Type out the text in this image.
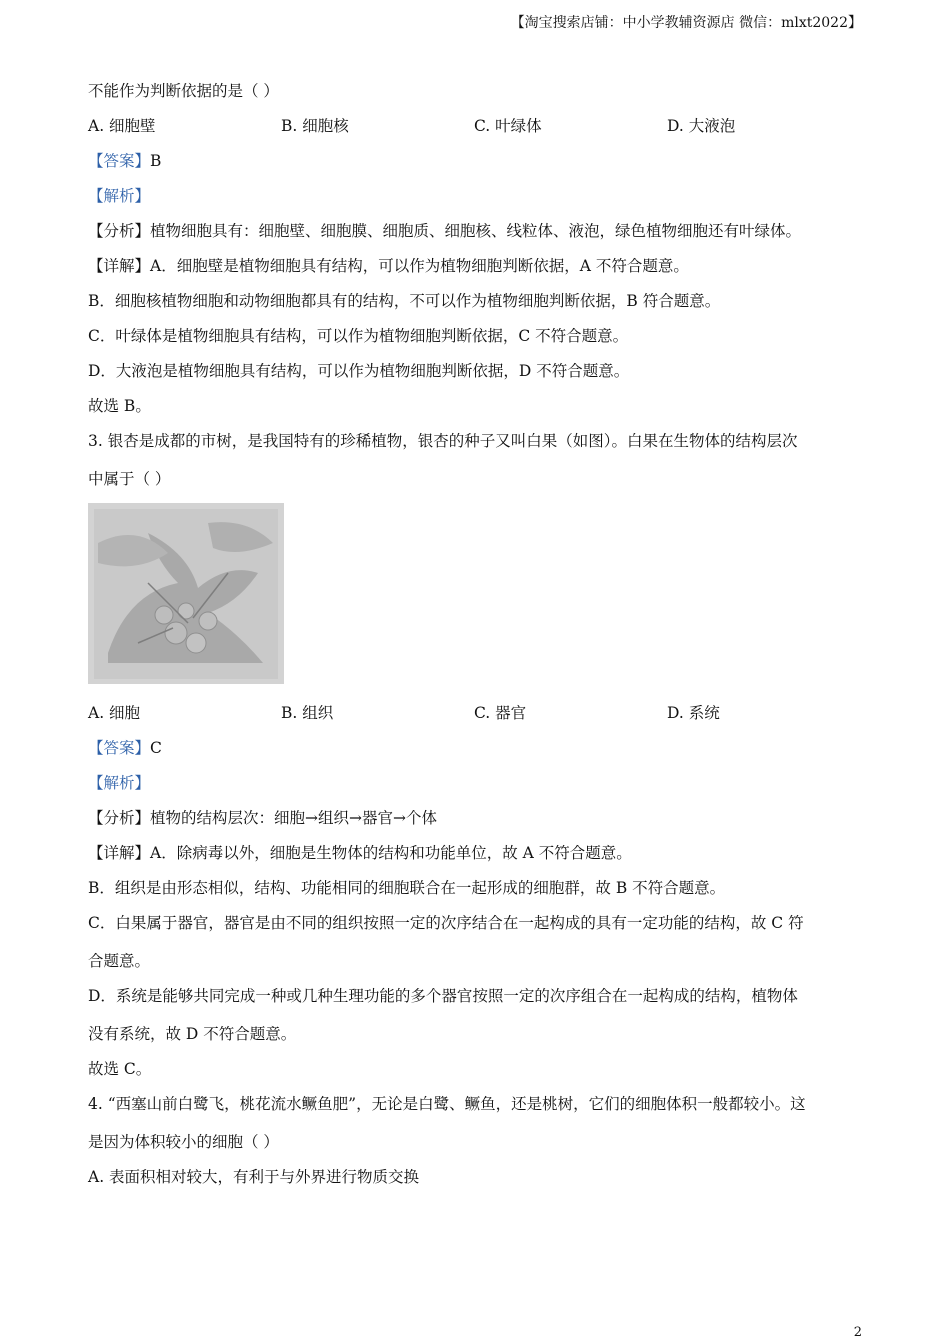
【淘宝搜索店铺：中小学教辅资源店 微信：mlxt2022】
不能作为判断依据的是（ ）
A. 细胞壁	B. 细胞核	C. 叶绿体	D. 大液泡
【答案】B
【解析】
【分析】植物细胞具有：细胞壁、细胞膜、细胞质、细胞核、线粒体、液泡，绿色植物细胞还有叶绿体。
【详解】A．细胞壁是植物细胞具有结构，可以作为植物细胞判断依据，A 不符合题意。
B．细胞核植物细胞和动物细胞都具有的结构，不可以作为植物细胞判断依据，B 符合题意。
C．叶绿体是植物细胞具有结构，可以作为植物细胞判断依据，C 不符合题意。
D．大液泡是植物细胞具有结构，可以作为植物细胞判断依据，D 不符合题意。
故选 B。
3. 银杏是成都的市树，是我国特有的珍稀植物，银杏的种子又叫白果（如图）。白果在生物体的结构层次
中属于（ ）
A. 细胞	B. 组织	C. 器官	D. 系统
【答案】C
【解析】
【分析】植物的结构层次：细胞→组织→器官→个体
【详解】A．除病毒以外，细胞是生物体的结构和功能单位，故 A 不符合题意。
B．组织是由形态相似，结构、功能相同的细胞联合在一起形成的细胞群，故 B 不符合题意。
C．白果属于器官，器官是由不同的组织按照一定的次序结合在一起构成的具有一定功能的结构，故 C 符
合题意。
D．系统是能够共同完成一种或几种生理功能的多个器官按照一定的次序组合在一起构成的结构，植物体
没有系统，故 D 不符合题意。
故选 C。
4. “西塞山前白鹭飞，桃花流水鳜鱼肥”，无论是白鹭、鳜鱼，还是桃树，它们的细胞体积一般都较小。这
是因为体积较小的细胞（ ）
A. 表面积相对较大，有利于与外界进行物质交换
2
